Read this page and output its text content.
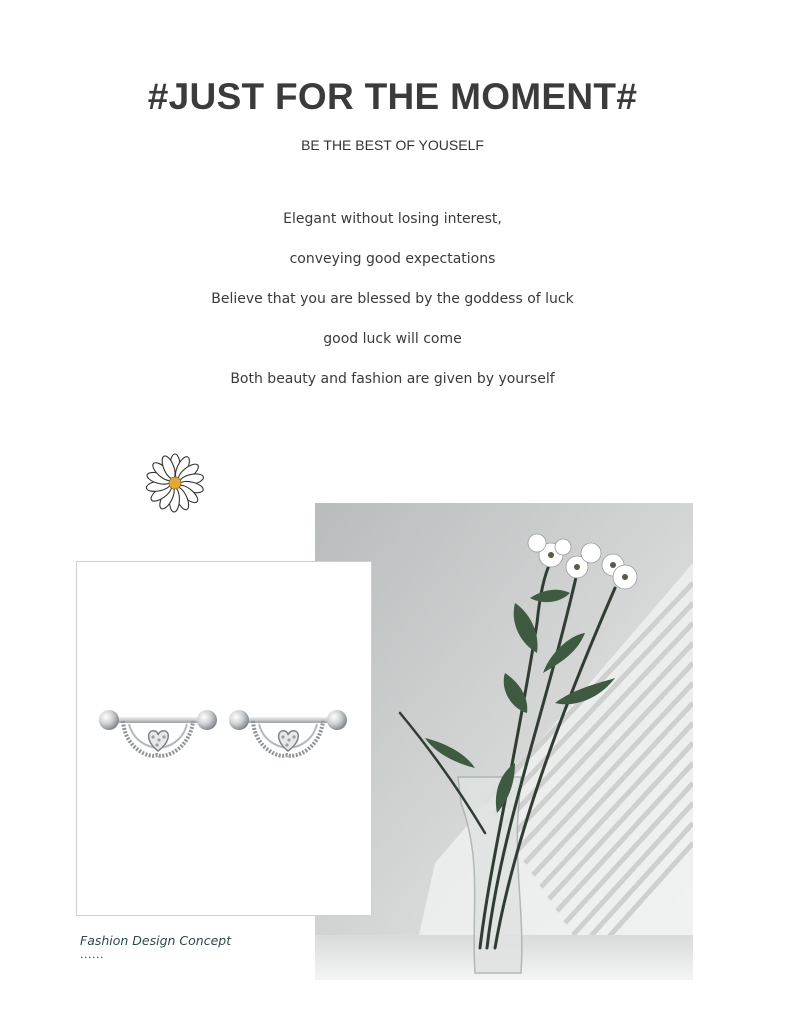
#JUST FOR THE MOMENT#
BE THE BEST OF YOUSELF
Elegant without losing interest,
conveying good expectations
Believe that you are blessed by the goddess of luck
good luck will come
Both beauty and fashion are given by yourself
Fashion Design Concept
......
